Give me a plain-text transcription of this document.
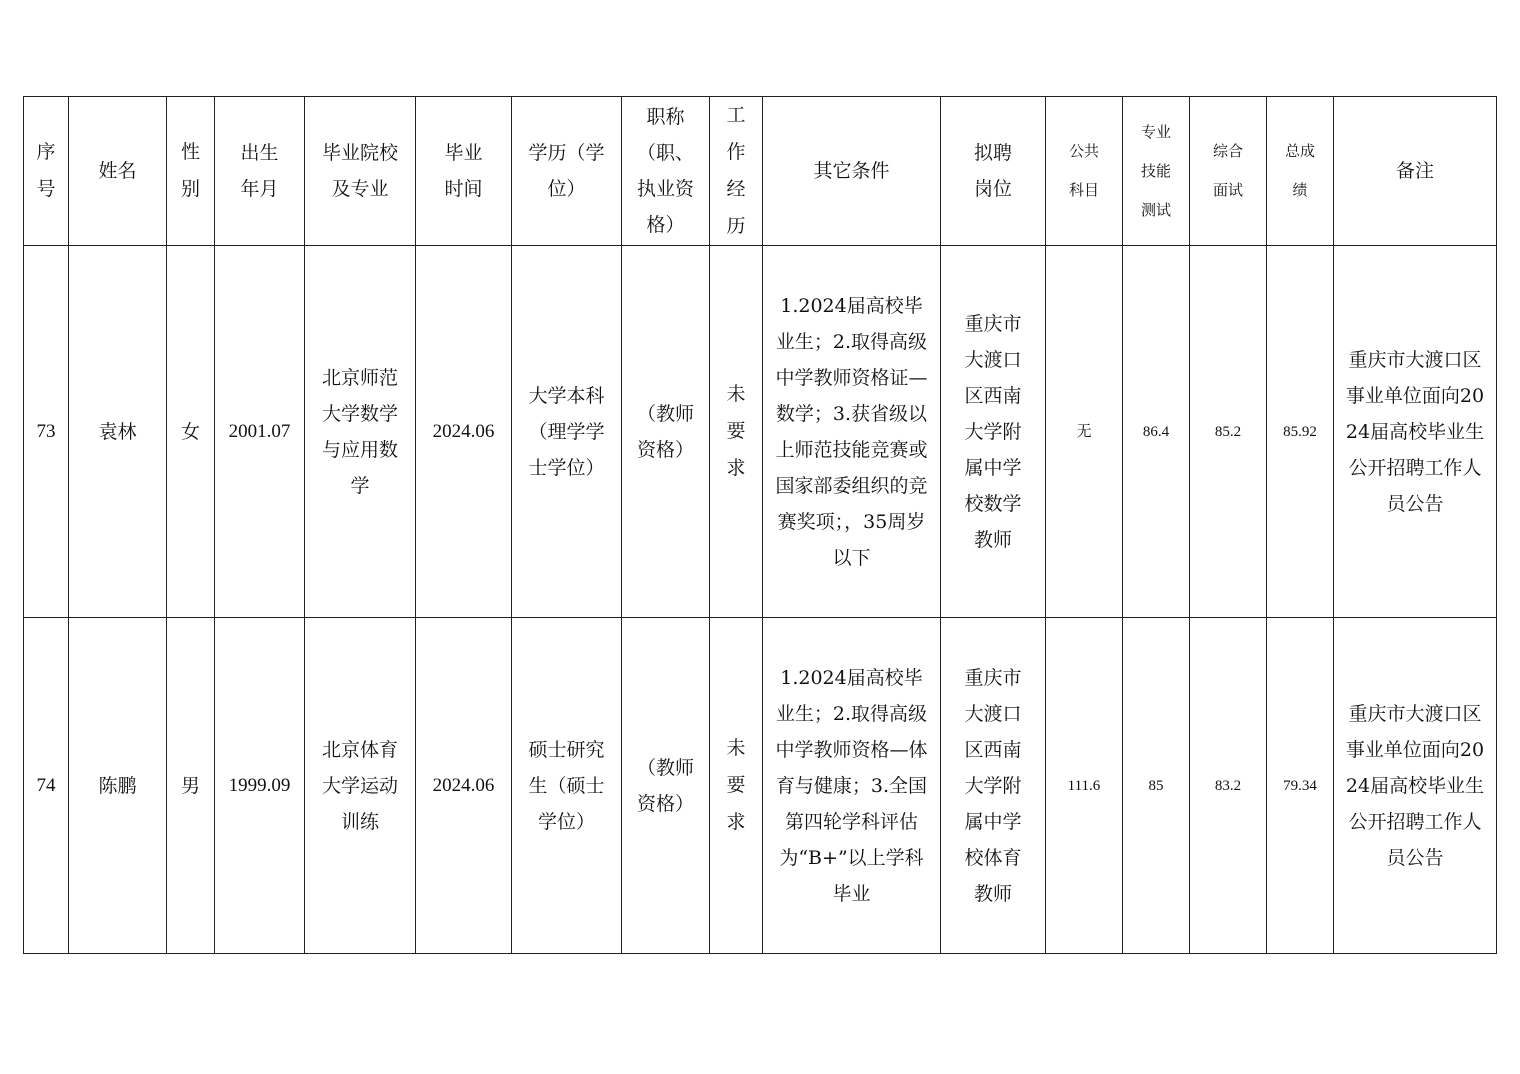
序号	姓名	性别	出生年月	毕业院校及专业	毕业时间	学历（学位）	职称（职、执业资格）	工作经历	其它条件	拟聘岗位	公共科目	专业技能测试	综合面试	总成绩	备注
73	袁林	女	2001.07	北京师范大学数学与应用数学	2024.06	大学本科（理学学士学位）	（教师资格）	未要求	1.2024届高校毕业生；2.取得高级中学教师资格证—数学；3.获省级以上师范技能竞赛或国家部委组织的竞赛奖项；，35周岁以下	重庆市大渡口区西南大学附属中学校数学教师	无	86.4	85.2	85.92	重庆市大渡口区事业单位面向2024届高校毕业生公开招聘工作人员公告
74	陈鹏	男	1999.09	北京体育大学运动训练	2024.06	硕士研究生（硕士学位）	（教师资格）	未要求	1.2024届高校毕业生；2.取得高级中学教师资格—体育与健康；3.全国第四轮学科评估为“B+”以上学科毕业	重庆市大渡口区西南大学附属中学校体育教师	111.6	85	83.2	79.34	重庆市大渡口区事业单位面向2024届高校毕业生公开招聘工作人员公告
